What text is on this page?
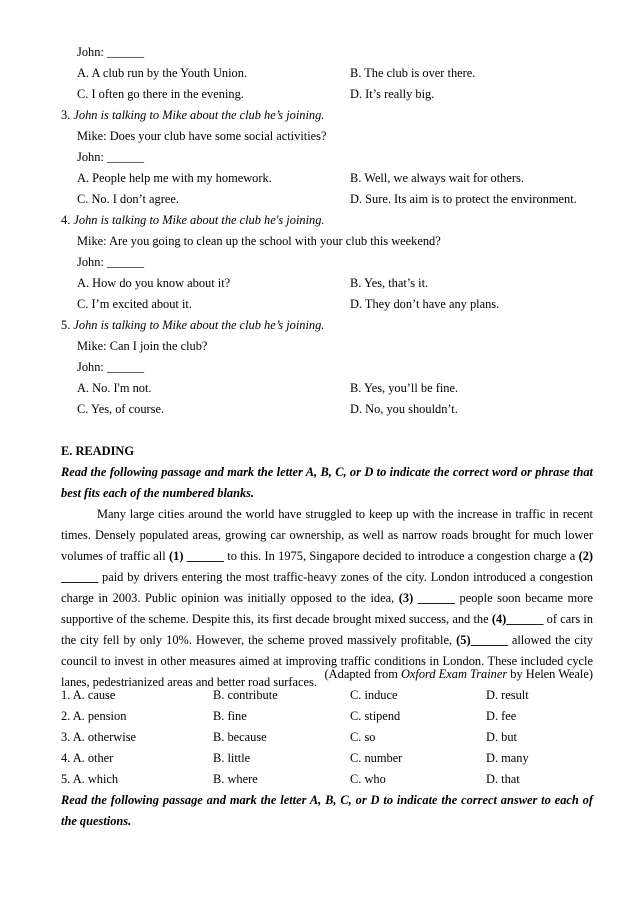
John: ______
A. A club run by the Youth Union.	B. The club is over there.
C. I often go there in the evening.	D. It’s really big.
3. John is talking to Mike about the club he’s joining.
Mike: Does your club have some social activities?
John: ______
A. People help me with my homework.	B. Well, we always wait for others.
C. No. I don’t agree.	D. Sure. Its aim is to protect the environment.
4. John is talking to Mike about the club he's joining.
Mike: Are you going to clean up the school with your club this weekend?
John: ______
A. How do you know about it?	B. Yes, that’s it.
C. I’m excited about it.	D. They don’t have any plans.
5. John is talking to Mike about the club he’s joining.
Mike: Can I join the club?
John: ______
A. No. I'm not.	B. Yes, you’ll be fine.
C. Yes, of course.	D. No, you shouldn’t.
E. READING
Read the following passage and mark the letter A, B, C, or D to indicate the correct word or phrase that best fits each of the numbered blanks.
Many large cities around the world have struggled to keep up with the increase in traffic in recent times. Densely populated areas, growing car ownership, as well as narrow roads brought for much lower volumes of traffic all (1) ______ to this. In 1975, Singapore decided to introduce a congestion charge a (2) ______ paid by drivers entering the most traffic-heavy zones of the city. London introduced a congestion charge in 2003. Public opinion was initially opposed to the idea, (3) ______ people soon became more supportive of the scheme. Despite this, its first decade brought mixed success, and the (4)______ of cars in the city fell by only 10%. However, the scheme proved massively profitable, (5)______ allowed the city council to invest in other measures aimed at improving traffic conditions in London. These included cycle lanes, pedestrianized areas and better road surfaces.
(Adapted from Oxford Exam Trainer by Helen Weale)
1. A. cause	B. contribute	C. induce	D. result
2. A. pension	B. fine	C. stipend	D. fee
3. A. otherwise	B. because	C. so	D. but
4. A. other	B. little	C. number	D. many
5. A. which	B. where	C. who	D. that
Read the following passage and mark the letter A, B, C, or D to indicate the correct answer to each of the questions.
